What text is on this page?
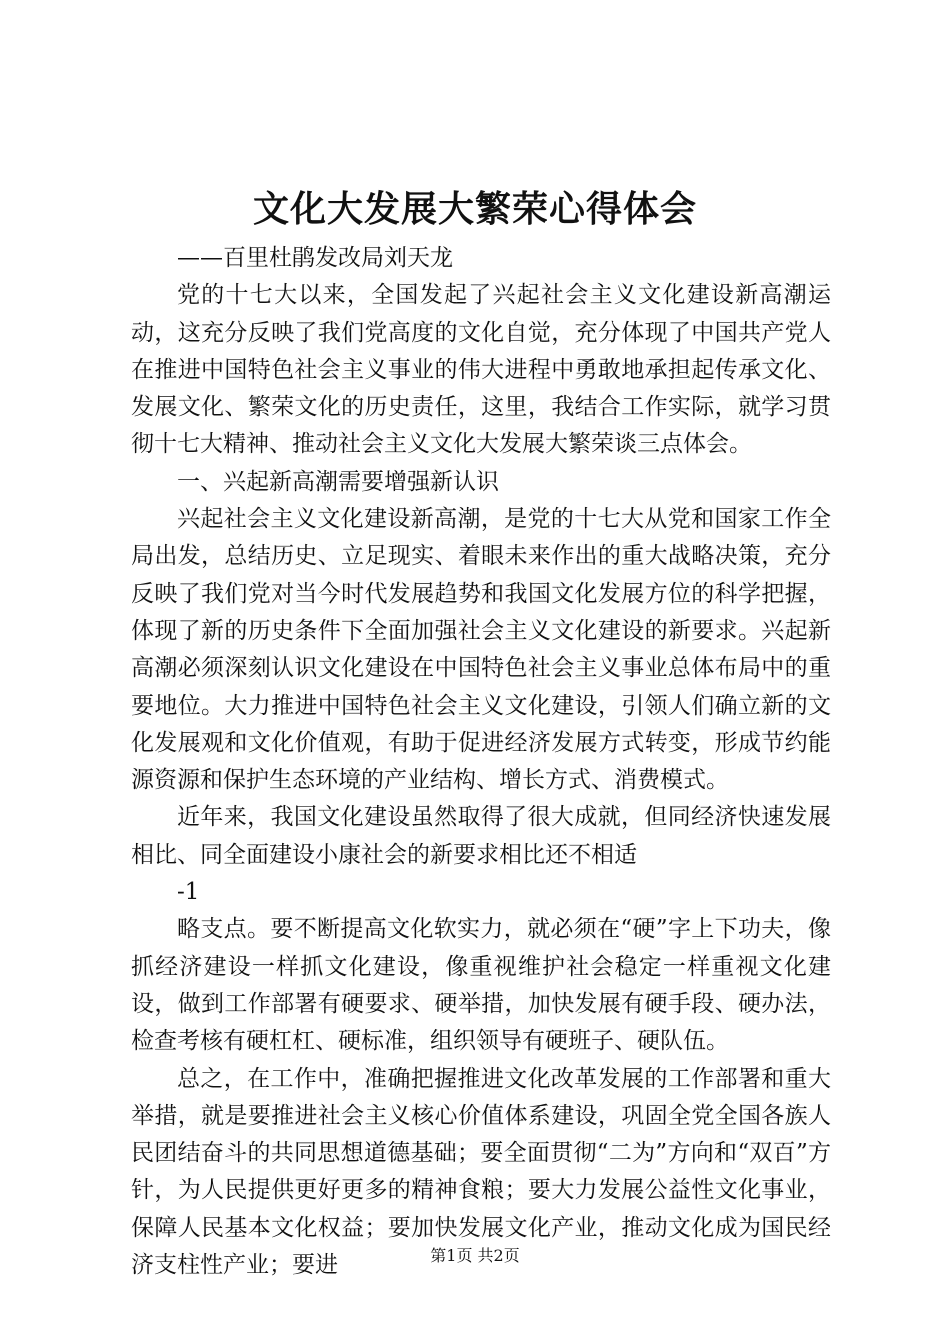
文化大发展大繁荣心得体会

——百里杜鹃发改局刘天龙

党的十七大以来，全国发起了兴起社会主义文化建设新高潮运动，这充分反映了我们党高度的文化自觉，充分体现了中国共产党人在推进中国特色社会主义事业的伟大进程中勇敢地承担起传承文化、发展文化、繁荣文化的历史责任，这里，我结合工作实际，就学习贯彻十七大精神、推动社会主义文化大发展大繁荣谈三点体会。

一、兴起新高潮需要增强新认识

兴起社会主义文化建设新高潮，是党的十七大从党和国家工作全局出发，总结历史、立足现实、着眼未来作出的重大战略决策，充分反映了我们党对当今时代发展趋势和我国文化发展方位的科学把握，体现了新的历史条件下全面加强社会主义文化建设的新要求。兴起新高潮必须深刻认识文化建设在中国特色社会主义事业总体布局中的重要地位。大力推进中国特色社会主义文化建设，引领人们确立新的文化发展观和文化价值观，有助于促进经济发展方式转变，形成节约能源资源和保护生态环境的产业结构、增长方式、消费模式。

近年来，我国文化建设虽然取得了很大成就，但同经济快速发展相比、同全面建设小康社会的新要求相比还不相适

-1

略支点。要不断提高文化软实力，就必须在“硬”字上下功夫，像抓经济建设一样抓文化建设，像重视维护社会稳定一样重视文化建设，做到工作部署有硬要求、硬举措，加快发展有硬手段、硬办法，检查考核有硬杠杠、硬标准，组织领导有硬班子、硬队伍。

总之，在工作中，准确把握推进文化改革发展的工作部署和重大举措，就是要推进社会主义核心价值体系建设，巩固全党全国各族人民团结奋斗的共同思想道德基础；要全面贯彻“二为”方向和“双百”方针，为人民提供更好更多的精神食粮；要大力发展公益性文化事业，保障人民基本文化权益；要加快发展文化产业，推动文化成为国民经济支柱性产业；要进	第1页 共2页
